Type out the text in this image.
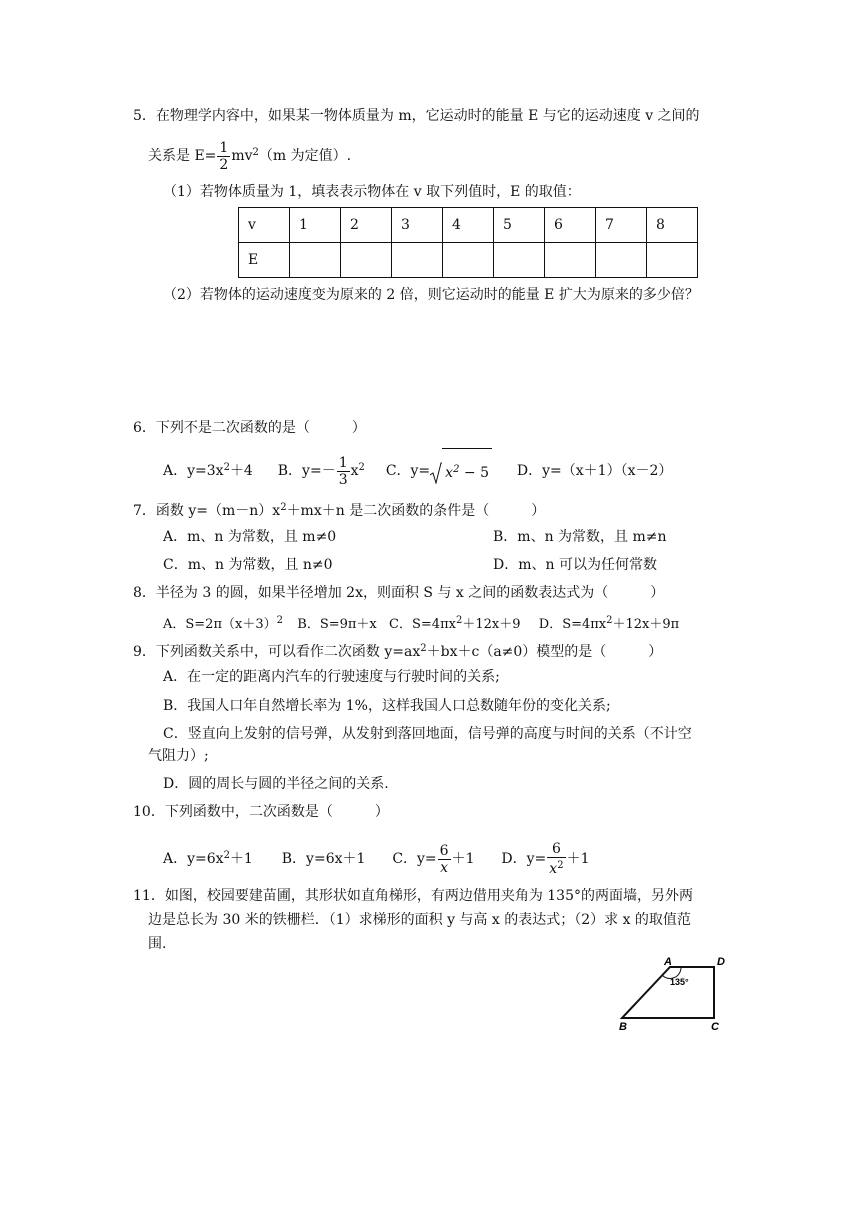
5．在物理学内容中，如果某一物体质量为 m，它运动时的能量 E 与它的运动速度 v 之间的
关系是 $E= \frac{1}{2} mv^2(m$ 为定值）.
（1）若物体质量为 1，填表表示物体在 v 取下列值时，E 的取值：
v	1	2	3	4	5	6	7	8
E								
（2）若物体的运动速度变为原来的 2 倍，则它运动时的能量 E 扩大为原来的多少倍？
6．下列不是二次函数的是（　　　）
A．$y=3x^2+4$ B．$y=- \frac{1}{3} x^2$ C．$y= x^2 - 5$ D．y=（x＋1）（x－2）
7．函数 $y=(m-n)x^2+mx+n$ 是二次函数的条件是（　　　）
A．m、n 为常数，且 m≠0	B．m、n 为常数，且 m≠n
C．m、n 为常数，且 n≠0	D．m、n 可以为任何常数
8．半径为 3 的圆，如果半径增加 2x，则面积 S 与 x 之间的函数表达式为（　　　）
A．$S=2\pi(x+3)^2$ B．S=9π＋x C．$S=4\pi x^2+12x+9$ D．$S=4\pi x^2+12x+9\pi$
9．下列函数关系中，可以看作二次函数 $y=ax^2+bx+c(a\ne 0)$模型的是（　　　）
A．在一定的距离内汽车的行驶速度与行驶时间的关系;
B．我国人口年自然增长率为 1%，这样我国人口总数随年份的变化关系;
C．竖直向上发射的信号弹，从发射到落回地面，信号弹的高度与时间的关系（不计空
气阻力）;
D．圆的周长与圆的半径之间的关系.
10．下列函数中，二次函数是（　　　）
A．$y=6x^2+1$ B．y=6x＋1 C．$y= \frac{6}{x} +1$ D．$y= \frac{6}{x^2} +1$
11．如图，校园要建苗圃，其形状如直角梯形，有两边借用夹角为 135°的两面墙，另外两
边是总长为 30 米的铁栅栏．（1）求梯形的面积 y 与高 x 的表达式；（2）求 x 的取值范
围.
A	D
B	C
135°
